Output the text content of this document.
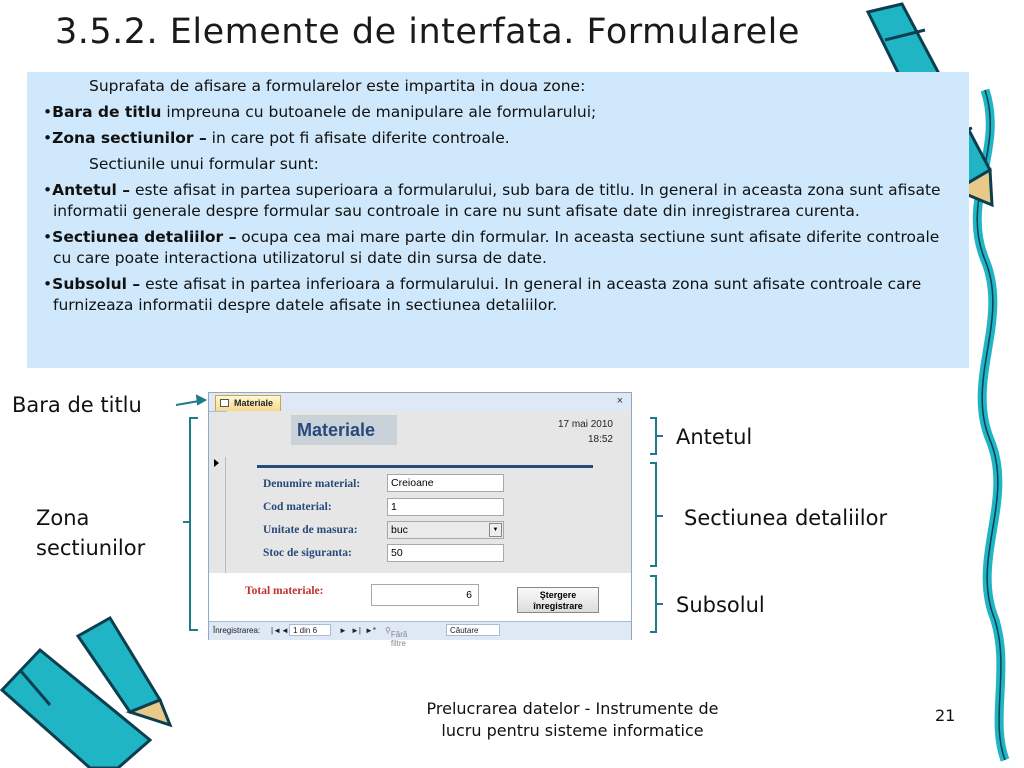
3.5.2. Elemente de interfata. Formularele

Suprafata de afisare a formularelor este impartita in doua zone:

•Bara de titlu impreuna cu butoanele de manipulare ale formularului;

•Zona sectiunilor – in care pot fi afisate diferite controale.

Sectiunile unui formular sunt:

•Antetul – este afisat in partea superioara a formularului, sub bara de titlu. In general in aceasta zona sunt afisate informatii generale despre formular sau controale in care nu sunt afisate date din inregistrarea curenta.

•Sectiunea detaliilor – ocupa cea mai mare parte din formular. In aceasta sectiune sunt afisate diferite controale cu care poate interactiona utilizatorul si date din sursa de date.

•Subsolul – este afisat in partea inferioara a formularului. In general in aceasta zona sunt afisate controale care furnizeaza informatii despre datele afisate in sectiunea detaliilor.

Bara de titlu
Zona
sectiunilor
Antetul
Sectiunea detaliilor
Subsolul
Materiale	×
Materiale	17 mai 2010
18:52
Denumire material:	Creioane
Cod material:	1
Unitate de masura:	buc	▼
Stoc de siguranta:	50
Total materiale:	6	Ştergere
înregistrare
Înregistrarea: |◄ ◄ 1 din 6	► ►| ►* ⚲ Fără filtre
Căutare
Prelucrarea datelor - Instrumente de
lucru pentru sisteme informatice
21
